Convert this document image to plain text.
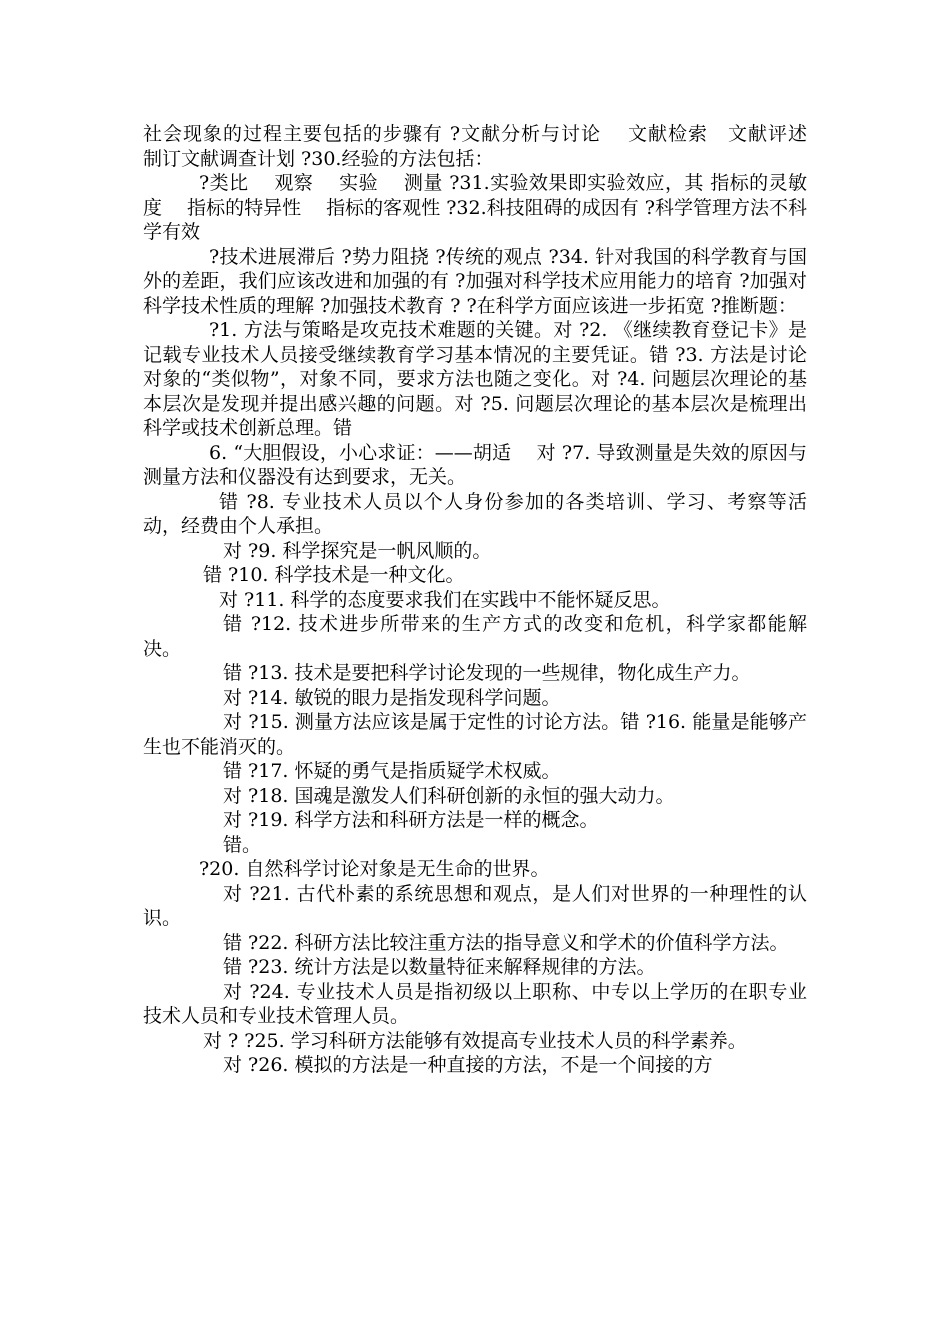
社会现象的过程主要包括的步骤有 ?文献分析与讨论　 文献检索　文献评述　 制订文献调查计划 ?30.经验的方法包括：

?类比　 观察　 实验　 测量 ?31.实验效果即实验效应，其 指标的灵敏度　 指标的特异性　 指标的客观性 ?32.科技阻碍的成因有 ?科学管理方法不科学有效

?技术进展滞后 ?势力阻挠 ?传统的观点 ?34. 针对我国的科学教育与国外的差距，我们应该改进和加强的有 ?加强对科学技术应用能力的培育 ?加强对科学技术性质的理解 ?加强技术教育 ? ?在科学方面应该进一步拓宽 ?推断题：

?1. 方法与策略是攻克技术难题的关键。对 ?2. 《继续教育登记卡》是记载专业技术人员接受继续教育学习基本情况的主要凭证。错 ?3. 方法是讨论对象的“类似物”，对象不同，要求方法也随之变化。对 ?4. 问题层次理论的基本层次是发现并提出感兴趣的问题。对 ?5. 问题层次理论的基本层次是梳理出科学或技术创新总理。错

6. “大胆假设，小心求证：——胡适　 对 ?7. 导致测量是失效的原因与测量方法和仪器没有达到要求，无关。

错 ?8. 专业技术人员以个人身份参加的各类培训、学习、考察等活动，经费由个人承担。

对 ?9. 科学探究是一帆风顺的。

错 ?10. 科学技术是一种文化。

对 ?11. 科学的态度要求我们在实践中不能怀疑反思。

错 ?12. 技术进步所带来的生产方式的改变和危机，科学家都能解决。

错 ?13. 技术是要把科学讨论发现的一些规律，物化成生产力。

对 ?14. 敏锐的眼力是指发现科学问题。

对 ?15. 测量方法应该是属于定性的讨论方法。错 ?16. 能量是能够产生也不能消灭的。

错 ?17. 怀疑的勇气是指质疑学术权威。

对 ?18. 国魂是激发人们科研创新的永恒的强大动力。

对 ?19. 科学方法和科研方法是一样的概念。

错。

?20. 自然科学讨论对象是无生命的世界。

对 ?21. 古代朴素的系统思想和观点，是人们对世界的一种理性的认识。

错 ?22. 科研方法比较注重方法的指导意义和学术的价值科学方法。

错 ?23. 统计方法是以数量特征来解释规律的方法。

对 ?24. 专业技术人员是指初级以上职称、中专以上学历的在职专业技术人员和专业技术管理人员。

对 ? ?25. 学习科研方法能够有效提高专业技术人员的科学素养。

对 ?26. 模拟的方法是一种直接的方法，不是一个间接的方
